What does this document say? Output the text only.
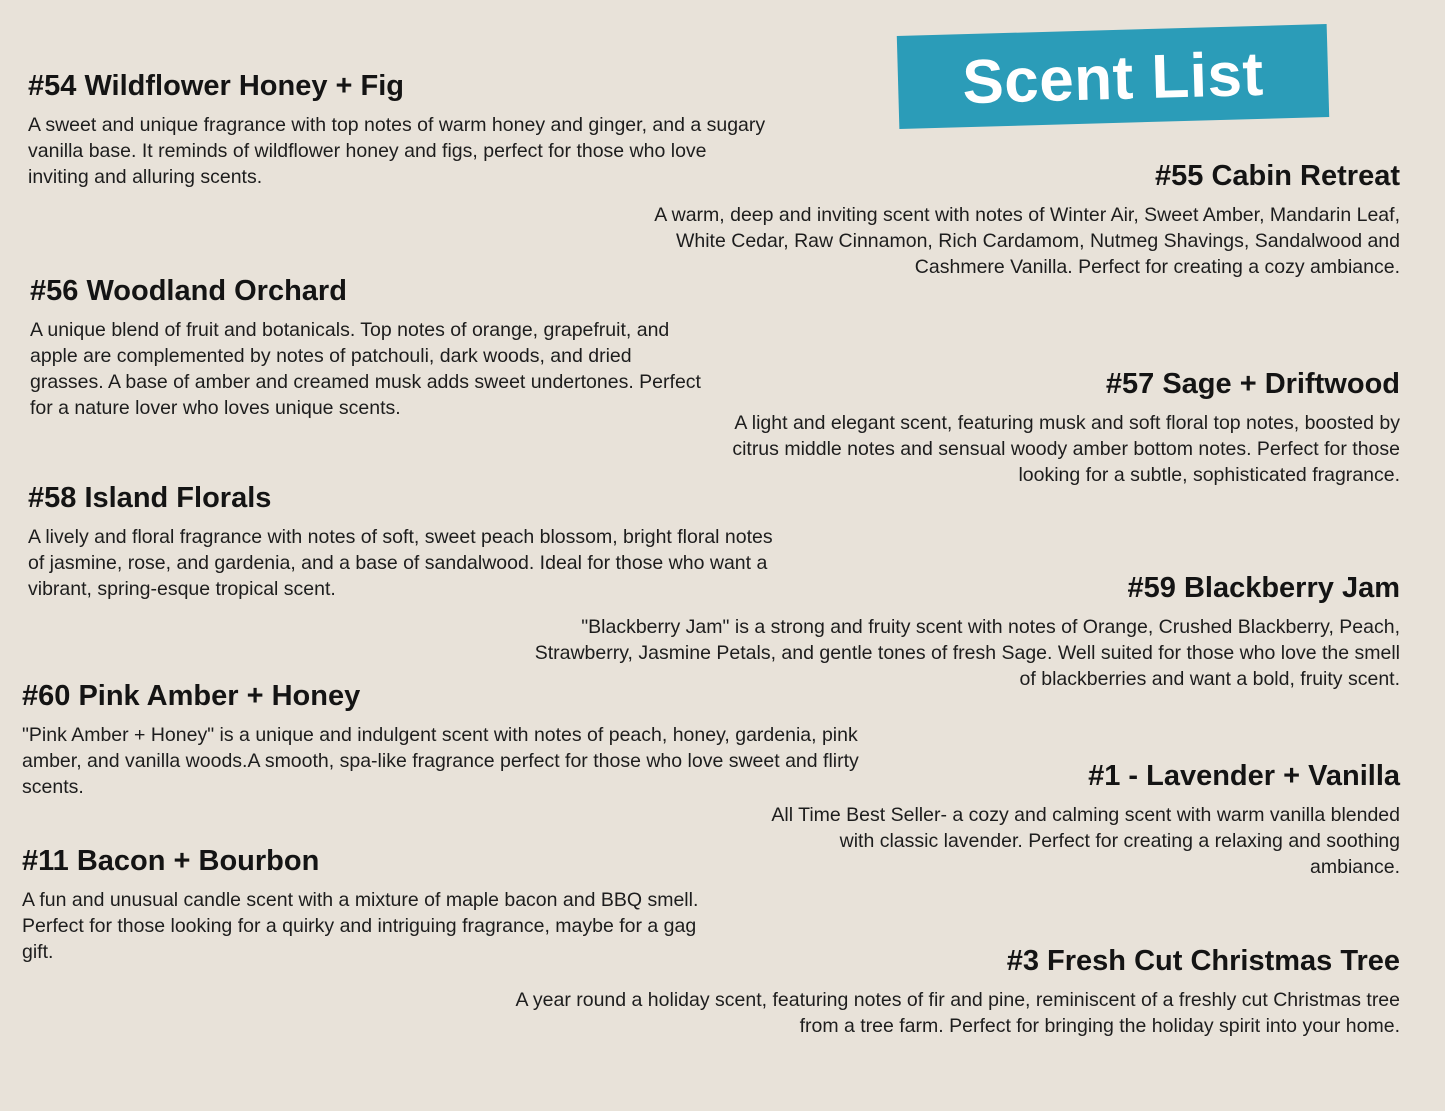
Scent List
#54 Wildflower Honey + Fig

A sweet and unique fragrance with top notes of warm honey and ginger, and a sugary vanilla base. It reminds of wildflower honey and figs, perfect for those who love inviting and alluring scents.	#55 Cabin Retreat

A warm, deep and inviting scent with notes of Winter Air, Sweet Amber, Mandarin Leaf, White Cedar, Raw Cinnamon, Rich Cardamom, Nutmeg Shavings, Sandalwood and Cashmere Vanilla. Perfect for creating a cozy ambiance.

#56 Woodland Orchard

A unique blend of fruit and botanicals. Top notes of orange, grapefruit, and apple are complemented by notes of patchouli, dark woods, and dried grasses. A base of amber and creamed musk adds sweet undertones. Perfect for a nature lover who loves unique scents.

#57 Sage + Driftwood

A light and elegant scent, featuring musk and soft floral top notes, boosted by citrus middle notes and sensual woody amber bottom notes. Perfect for those looking for a subtle, sophisticated fragrance.

#58 Island Florals

A lively and floral fragrance with notes of soft, sweet peach blossom, bright floral notes of jasmine, rose, and gardenia, and a base of sandalwood. Ideal for those who want a vibrant, spring-esque tropical scent.	#59 Blackberry Jam

"Blackberry Jam" is a strong and fruity scent with notes of Orange, Crushed Blackberry, Peach, Strawberry, Jasmine Petals, and gentle tones of fresh Sage. Well suited for those who love the smell of blackberries and want a bold, fruity scent.

#60 Pink Amber + Honey

"Pink Amber + Honey" is a unique and indulgent scent with notes of peach, honey, gardenia, pink amber, and vanilla woods.A smooth, spa-like fragrance perfect for those who love sweet and flirty scents.	#1 - Lavender + Vanilla

All Time Best Seller- a cozy and calming scent with warm vanilla blended with classic lavender. Perfect for creating a relaxing and soothing ambiance.

#11 Bacon + Bourbon

A fun and unusual candle scent with a mixture of maple bacon and BBQ smell. Perfect for those looking for a quirky and intriguing fragrance, maybe for a gag gift.	#3 Fresh Cut Christmas Tree

A year round a holiday scent, featuring notes of fir and pine, reminiscent of a freshly cut Christmas tree from a tree farm. Perfect for bringing the holiday spirit into your home.
